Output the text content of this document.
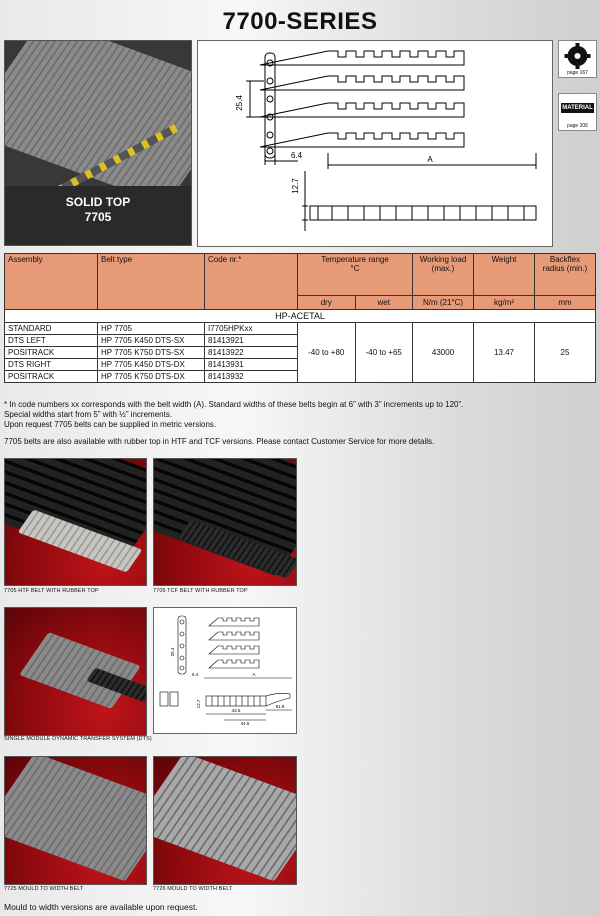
7700-SERIES
SOLID TOP
7705
25.4
6.4
12.7
A
page 167
MATERIAL
page 206
Assembly	Belt type	Code nr.*	Temperature range
°C		Working load (max.)	Weight	Backflex radius (min.)
			dry	wet	N/m (21°C)	kg/m²	mm
HP-ACETAL							
STANDARD	HP 7705	I7705HPKxx	-40 to +80	-40 to +65	43000	13.47	25
DTS LEFT	HP 7705 K450 DTS-SX	81413921					
POSITRACK	HP 7705 K750 DTS-SX	81413922					
DTS RIGHT	HP 7705 K450 DTS-DX	81413931					
POSITRACK	HP 7705 K750 DTS-DX	81413932					
* In code numbers xx corresponds with the belt width (A). Standard widths of these belts begin at 6” with 3” increments up to 120”.
Special widths start from 5” with ½” increments.
Upon request 7705 belts can be supplied in metric versions.
7705 belts are also available with rubber top in HTF and TCF versions. Please contact Customer Service for more details.
7705 HTF BELT WITH RUBBER TOP	7705 TCF BELT WITH RUBBER TOP
SINGLE MODULE DYNAMIC TRANSFER SYSTEM (DTS)
25.4
6.4	A
12.7
43.5
44.5
91.8
7725 MOULD TO WIDTH BELT	7726 MOULD TO WIDTH BELT
Mould to width versions are available upon request.
